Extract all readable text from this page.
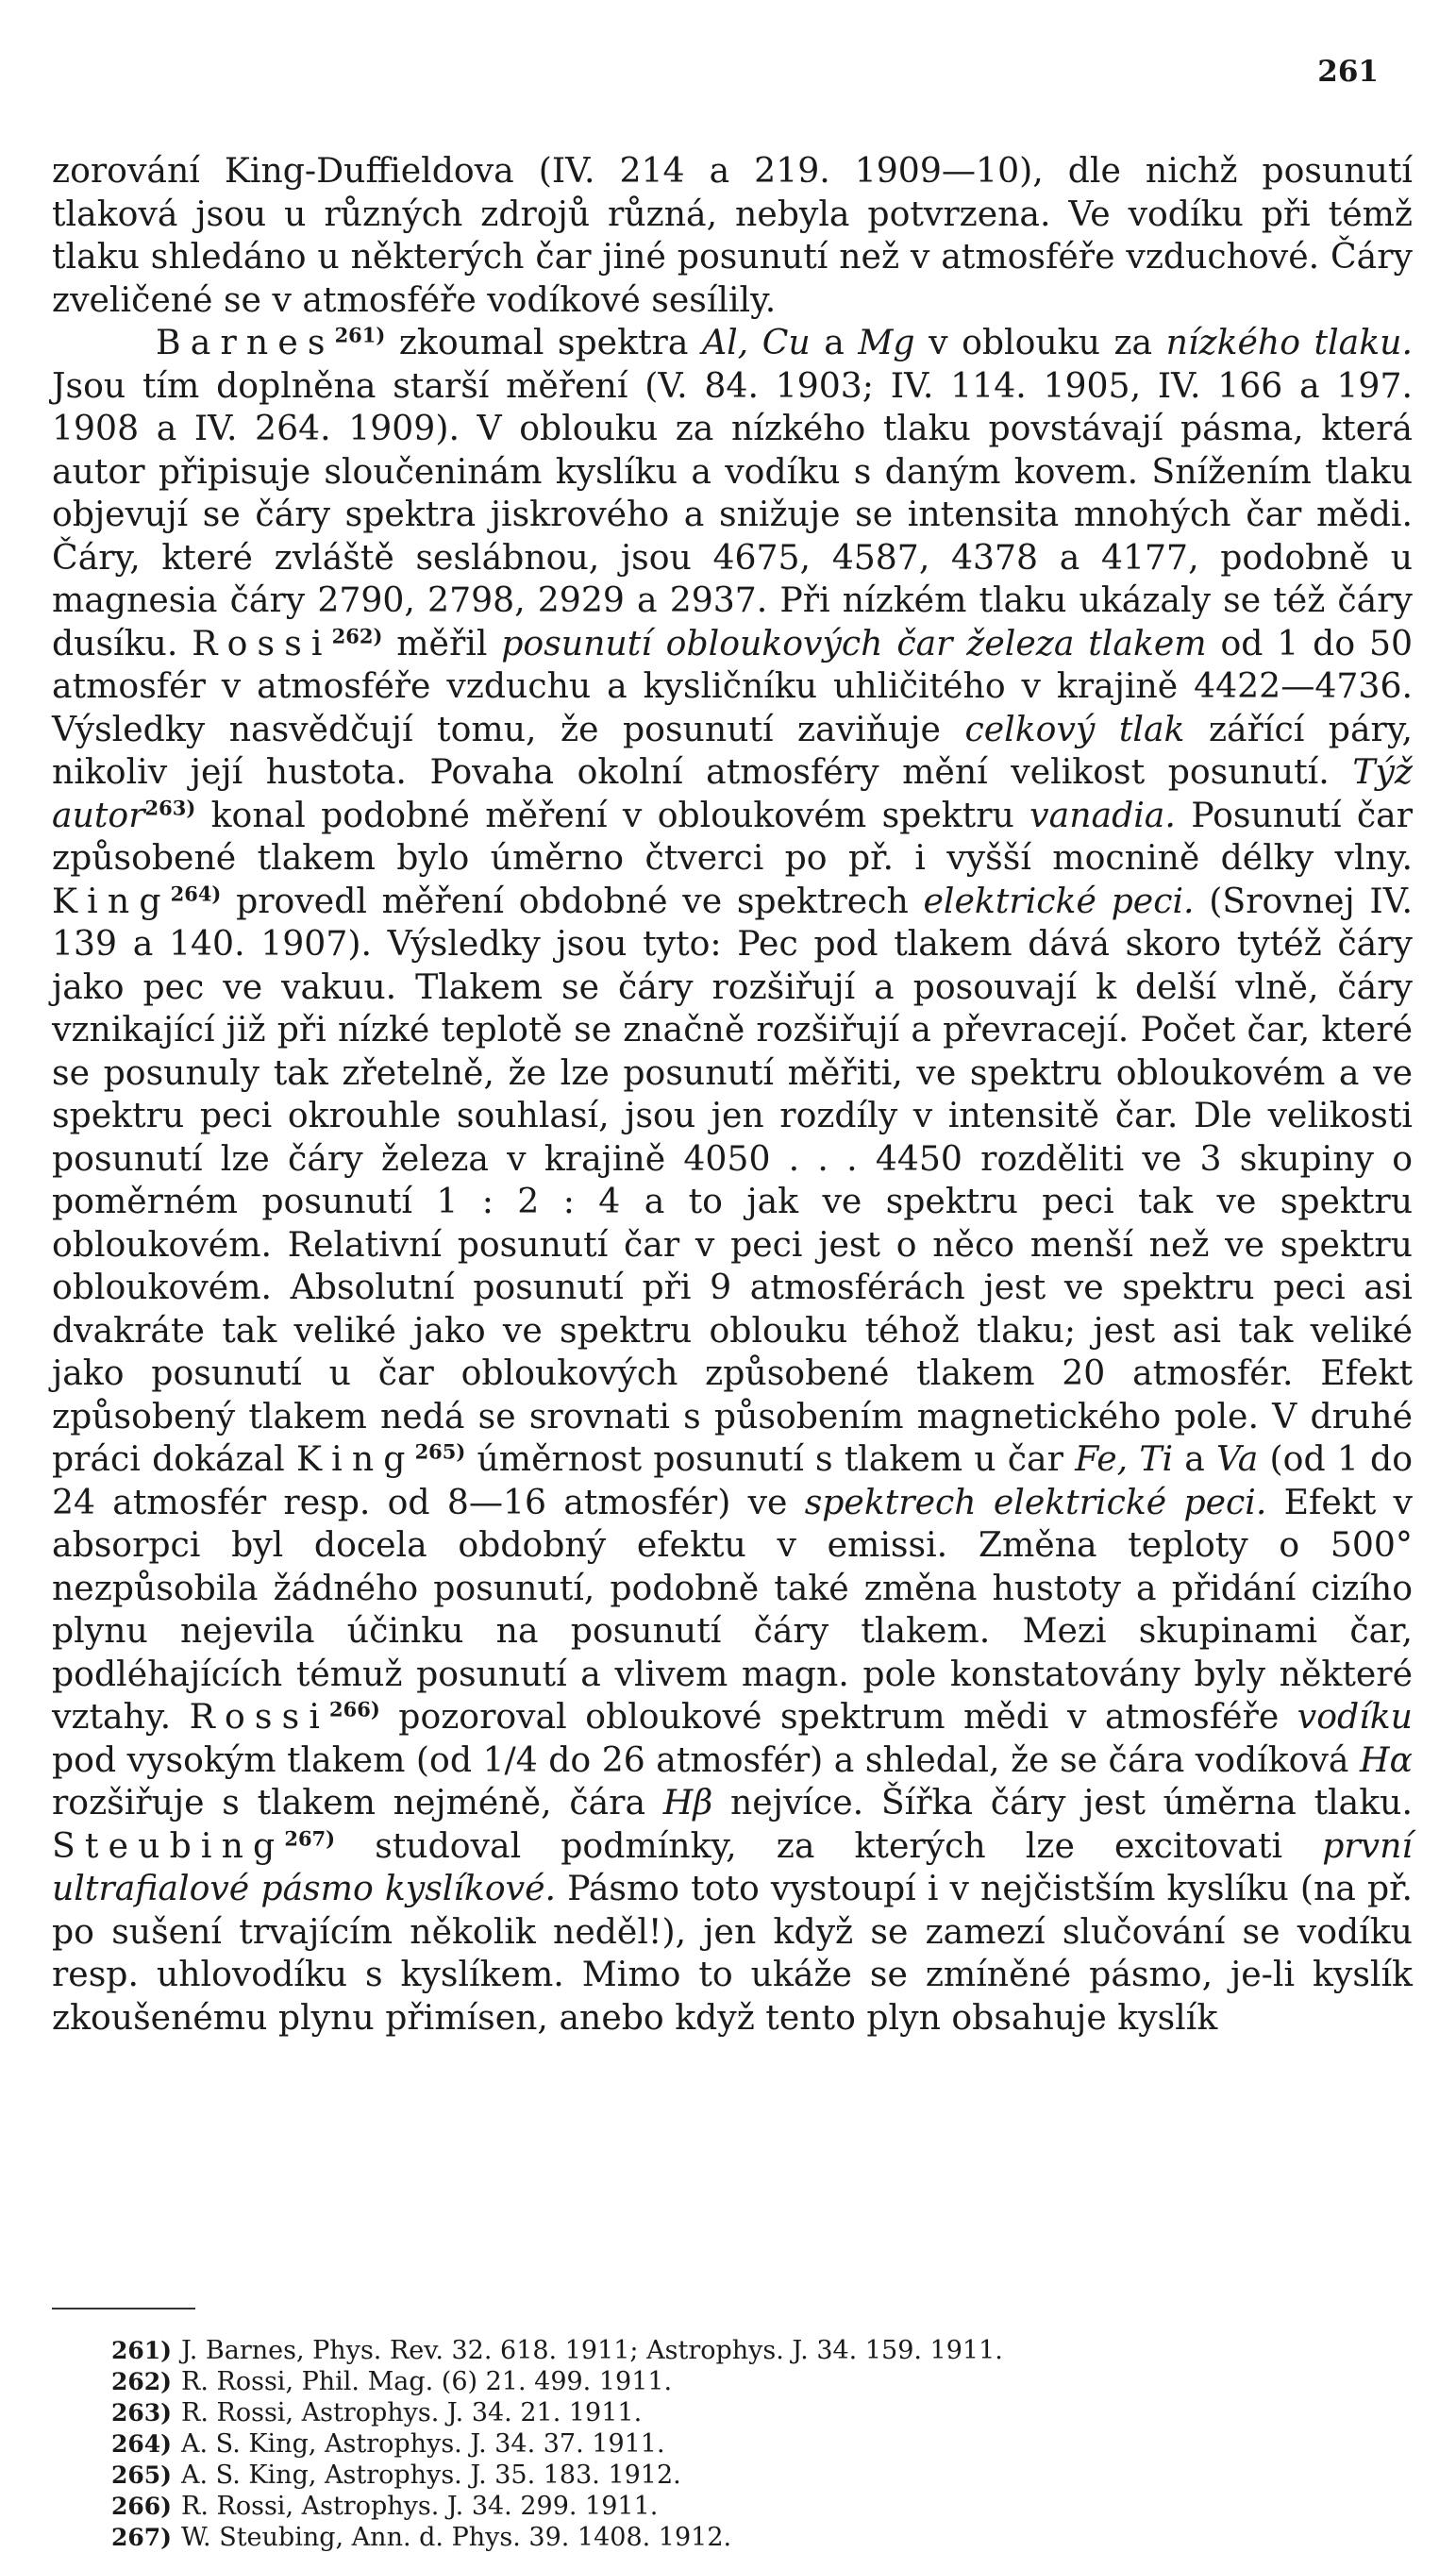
261

zorování King-Duffieldova (IV. 214 a 219. 1909—10), dle nichž posunutí tlaková jsou u různých zdrojů různá, nebyla potvrzena. Ve vodíku při témž tlaku shledáno u některých čar jiné posunutí než v atmosféře vzduchové. Čáry zveličené se v atmosféře vodíkové sesílily.

Barnes$^{261)}$ zkoumal spektra Al, Cu a Mg v oblouku za nízkého tlaku. Jsou tím doplněna starší měření (V. 84. 1903; IV. 114. 1905, IV. 166 a 197. 1908 a IV. 264. 1909). V oblouku za nízkého tlaku povstávají pásma, která autor připisuje sloučeninám kyslíku a vodíku s daným kovem. Snížením tlaku objevují se čáry spektra jiskrového a snižuje se intensita mnohých čar mědi. Čáry, které zvláště seslábnou, jsou 4675, 4587, 4378 a 4177, podobně u magnesia čáry 2790, 2798, 2929 a 2937. Při nízkém tlaku ukázaly se též čáry dusíku. Rossi$^{262)}$ měřil posunutí obloukových čar železa tlakem od 1 do 50 atmosfér v atmosféře vzduchu a kysličníku uhličitého v krajině 4422—4736. Výsledky nasvědčují tomu, že posunutí zaviňuje celkový tlak zářící páry, nikoliv její hustota. Povaha okolní atmosféry mění velikost posunutí. Týž autor$^{263)}$ konal podobné měření v obloukovém spektru vanadia. Posunutí čar způsobené tlakem bylo úměrno čtverci po př. i vyšší mocnině délky vlny. King$^{264)}$ provedl měření obdobné ve spektrech elektrické peci. (Srovnej IV. 139 a 140. 1907). Výsledky jsou tyto: Pec pod tlakem dává skoro tytéž čáry jako pec ve vakuu. Tlakem se čáry rozšiřují a posouvají k delší vlně, čáry vznikající již při nízké teplotě se značně rozšiřují a převracejí. Počet čar, které se posunuly tak zřetelně, že lze posunutí měřiti, ve spektru obloukovém a ve spektru peci okrouhle souhlasí, jsou jen rozdíly v intensitě čar. Dle velikosti posunutí lze čáry železa v krajině 4050 . . . 4450 rozděliti ve 3 skupiny o poměrném posunutí 1 : 2 : 4 a to jak ve spektru peci tak ve spektru obloukovém. Relativní posunutí čar v peci jest o něco menší než ve spektru obloukovém. Absolutní posunutí při 9 atmosférách jest ve spektru peci asi dvakráte tak veliké jako ve spektru oblouku téhož tlaku; jest asi tak veliké jako posunutí u čar obloukových způsobené tlakem 20 atmosfér. Efekt způsobený tlakem nedá se srovnati s působením magnetického pole. V druhé práci dokázal King$^{265)}$ úměrnost posunutí s tlakem u čar Fe, Ti a Va (od 1 do 24 atmosfér resp. od 8—16 atmosfér) ve spektrech elektrické peci. Efekt v absorpci byl docela obdobný efektu v emissi. Změna teploty o 500° nezpůsobila žádného posunutí, podobně také změna hustoty a přidání cizího plynu nejevila účinku na posunutí čáry tlakem. Mezi skupinami čar, podléhajících témuž posunutí a vlivem magn. pole konstatovány byly některé vztahy. Rossi$^{266)}$ pozoroval obloukové spektrum mědi v atmosféře vodíku pod vysokým tlakem (od 1/4 do 26 atmosfér) a shledal, že se čára vodíková Hα rozšiřuje s tlakem nejméně, čára Hβ nejvíce. Šířka čáry jest úměrna tlaku. Steubing$^{267)}$ studoval podmínky, za kterých lze excitovati první ultrafialové pásmo kyslíkové. Pásmo toto vystoupí i v nejčistším kyslíku (na př. po sušení trvajícím několik neděl!), jen když se zamezí slučování se vodíku resp. uhlovodíku s kyslíkem. Mimo to ukáže se zmíněné pásmo, je-li kyslík zkoušenému plynu přimísen, anebo když tento plyn obsahuje kyslík

261) J. Barnes, Phys. Rev. 32. 618. 1911; Astrophys. J. 34. 159. 1911.
262) R. Rossi, Phil. Mag. (6) 21. 499. 1911.
263) R. Rossi, Astrophys. J. 34. 21. 1911.
264) A. S. King, Astrophys. J. 34. 37. 1911.
265) A. S. King, Astrophys. J. 35. 183. 1912.
266) R. Rossi, Astrophys. J. 34. 299. 1911.
267) W. Steubing, Ann. d. Phys. 39. 1408. 1912.
